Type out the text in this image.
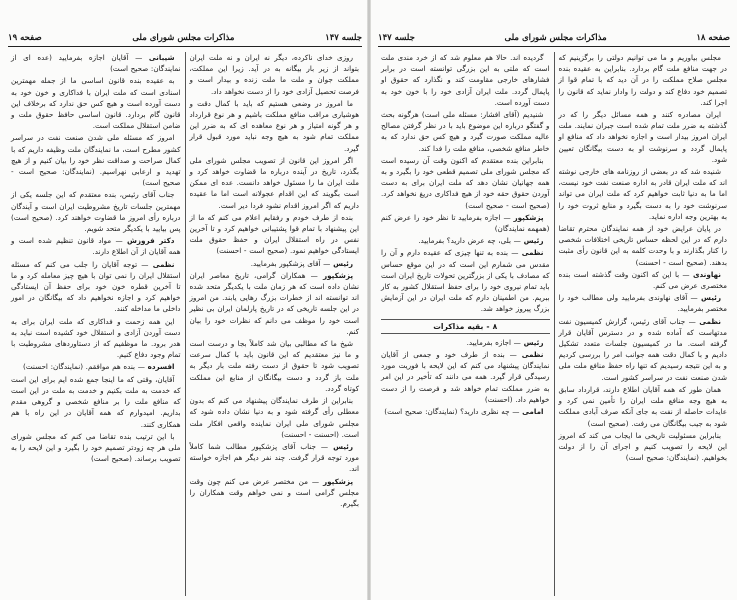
جلسه ۱۴۷
مذاکرات مجلس شورای ملی
صفحه ۱۹
روزی خدای ناکرده، دیگر نه ایران و نه ملت ایران بتواند از زیر بار بیگانه به در آید. زیرا این مملکت، مملکت جوان و ملت ما ملت زنده و بیدار است و فرصت تحصیل آزادی خود را از دست نخواهد داد.
ما امروز در وضعی هستیم که باید با کمال دقت و هوشیاری مراقب منافع مملکت باشیم و هر نوع قرارداد و هر گونه امتیاز و هر نوع معاهده ای که به ضرر این مملکت تمام شود به هیچ وجه نباید مورد قبول قرار گیرد.
اگر امروز این قانون از تصویب مجلس شورای ملی بگذرد، تاریخ در آینده درباره ما قضاوت خواهد کرد و ملت ایران ما را مسئول خواهد دانست. عده ای ممکن است بگویند که این اقدام عجولانه است اما ما عقیده داریم که اگر امروز اقدام نشود فردا دیر است.
بنده از طرف خودم و رفقایم اعلام می کنم که ما از این پیشنهاد با تمام قوا پشتیبانی خواهیم کرد و تا آخرین نفس در راه استقلال ایران و حفظ حقوق ملت ایستادگی خواهیم نمود. (صحیح است - احسنت)
رئیس — آقای پزشکپور بفرمایید.
پزشکپور — همکاران گرامی، تاریخ معاصر ایران نشان داده است که هر زمان ملت با یکدیگر متحد شده اند توانسته اند از خطرات بزرگ رهایی یابند. من امروز در این جلسه تاریخی که در تاریخ پارلمان ایران بی نظیر است خود را موظف می دانم که نظرات خود را بیان کنم.
شیخ ما که مطالبی بیان شد کاملاً بجا و درست است و ما نیز معتقدیم که این قانون باید با کمال سرعت تصویب شود تا حقوق از دست رفته ملت بار دیگر به ملت باز گردد و دست بیگانگان از منابع این مملکت کوتاه گردد.
بنابراین از طرف نمایندگان پیشنهاد می کنم که بدون معطلی رأی گرفته شود و به دنیا نشان داده شود که مجلس شورای ملی ایران نماینده واقعی افکار ملت است. (احسنت - احسنت)
رئیس — جناب آقای پزشکپور مطالب شما کاملاً مورد توجه قرار گرفت. چند نفر دیگر هم اجازه خواسته اند.
پزشکپور — من مختصر عرض می کنم چون وقت مجلس گرامی است و نمی خواهم وقت همکاران را بگیرم.
شیبانی — آقایان اجازه بفرمایید (عده ای از نمایندگان: صحیح است)
به عقیده بنده قانون اساسی ما از جمله مهمترین اسنادی است که ملت ایران با فداکاری و خون خود به دست آورده است و هیچ کس حق ندارد که برخلاف این قانون گام بردارد. قانون اساسی حافظ حقوق ملت و ضامن استقلال مملکت است.
امروز که مسئله ملی شدن صنعت نفت در سراسر کشور مطرح است، ما نمایندگان ملت وظیفه داریم که با کمال صراحت و صداقت نظر خود را بیان کنیم و از هیچ تهدید و ارعابی نهراسیم. (نمایندگان: صحیح است - صحیح است)
جناب آقای رئیس، بنده معتقدم که این جلسه یکی از مهمترین جلسات تاریخ مشروطیت ایران است و آیندگان درباره رأی امروز ما قضاوت خواهند کرد. (صحیح است) پس بیایید با یکدیگر متحد شویم.
دکتر فروزش — مواد قانون تنظیم شده است و همه آقایان از آن اطلاع دارند.
نظمی — توجه آقایان را جلب می کنم که مسئله استقلال ایران را نمی توان با هیچ چیز معامله کرد و ما تا آخرین قطره خون خود برای حفظ آن ایستادگی خواهیم کرد و اجازه نخواهیم داد که بیگانگان در امور داخلی ما مداخله کنند.
این همه زحمت و فداکاری که ملت ایران برای به دست آوردن آزادی و استقلال خود کشیده است نباید به هدر برود. ما موظفیم که از دستاوردهای مشروطیت با تمام وجود دفاع کنیم.
افسرده — بنده هم موافقم. (نمایندگان: احسنت)
آقایان، وقتی که ما اینجا جمع شده ایم برای این است که خدمت به ملت بکنیم و خدمت به ملت در این است که منافع ملت را بر منافع شخصی و گروهی مقدم بداریم. امیدوارم که همه آقایان در این راه با هم همکاری کنند.
با این ترتیب بنده تقاضا می کنم که مجلس شورای ملی هر چه زودتر تصمیم خود را بگیرد و این لایحه را به تصویب برساند. (صحیح است)
صفحه ۱۸
مذاکرات مجلس شورای ملی
جلسه ۱۴۷
مجلس بیاوریم و ما می توانیم دولتی را برگزینیم که در جهت منافع ملت گام بردارد. بنابراین به عقیده بنده مجلس صلاح مملکت را در آن دید که با تمام قوا از تصمیم خود دفاع کند و دولت را وادار نماید که قانون را اجرا کند.
ایران مصادره کنند و همه مسائل دیگر را که در گذشته به ضرر ملت تمام شده است جبران نمایند. ملت ایران امروز بیدار است و اجازه نخواهد داد که منافع او پایمال گردد و سرنوشت او به دست بیگانگان تعیین شود.
شنیده شد که در بعضی از روزنامه های خارجی نوشته اند که ملت ایران قادر به اداره صنعت نفت خود نیست، اما ما به دنیا ثابت خواهیم کرد که ملت ایران می تواند سرنوشت خود را به دست بگیرد و منابع ثروت خود را به بهترین وجه اداره نماید.
در پایان عرایض خود از همه نمایندگان محترم تقاضا دارم که در این لحظه حساس تاریخی اختلافات شخصی را کنار بگذارند و با وحدت کلمه به این قانون رأی مثبت بدهند. (صحیح است - احسنت)
نهاوندی — با این که اکنون وقت گذشته است بنده مختصری عرض می کنم.
رئیس — آقای نهاوندی بفرمایید ولی مطالب خود را مختصر بفرمایید.
نظمی — جناب آقای رئیس، گزارش کمیسیون نفت مدتهاست که آماده شده و در دسترس آقایان قرار گرفته است. ما در کمیسیون جلسات متعدد تشکیل دادیم و با کمال دقت همه جوانب امر را بررسی کردیم و به این نتیجه رسیدیم که تنها راه حفظ منافع ملت ملی شدن صنعت نفت در سراسر کشور است.
همان طور که همه آقایان اطلاع دارند، قرارداد سابق به هیچ وجه منافع ملت ایران را تأمین نمی کرد و عایدات حاصله از نفت به جای آنکه صرف آبادی مملکت شود به جیب بیگانگان می رفت. (صحیح است)
بنابراین مسئولیت تاریخی ما ایجاب می کند که امروز این لایحه را تصویب کنیم و اجرای آن را از دولت بخواهیم. (نمایندگان: صحیح است)
گردیده اند. حالا هم معلوم شد که از خرد مندی ملت است که ملتی به این بزرگی توانسته است در برابر فشارهای خارجی مقاومت کند و نگذارد که حقوق او پایمال گردد. ملت ایران آزادی خود را با خون خود به دست آورده است.
شنیدیم (آقای افشار: مسئله ملی است) هرگونه بحث و گفتگو درباره این موضوع باید با در نظر گرفتن مصالح عالیه مملکت صورت گیرد و هیچ کس حق ندارد که به خاطر منافع شخصی، منافع ملت را فدا کند.
بنابراین بنده معتقدم که اکنون وقت آن رسیده است که مجلس شورای ملی تصمیم قطعی خود را بگیرد و به همه جهانیان نشان دهد که ملت ایران برای به دست آوردن حقوق حقه خود از هیچ فداکاری دریغ نخواهد کرد. (صحیح است - صحیح است)
پزشکپور — اجازه بفرمایید تا نظر خود را عرض کنم (همهمه نمایندگان)
رئیس — بلی، چه عرض دارید؟ بفرمایید.
نظمی — بنده به تنها چیزی که عقیده دارم و آن را مقدس می شمارم این است که در این موقع حساس که مصادف با یکی از بزرگترین تحولات تاریخ ایران است باید تمام نیروی خود را برای حفظ استقلال کشور به کار ببریم. من اطمینان دارم که ملت ایران در این آزمایش بزرگ پیروز خواهد شد.
۸ - بقیه مذاکرات
رئیس — اجازه بفرمایید.
نظمی — بنده از طرف خود و جمعی از آقایان نمایندگان پیشنهاد می کنم که این لایحه با فوریت مورد رسیدگی قرار گیرد. همه می دانند که تأخیر در این امر به ضرر مملکت تمام خواهد شد و فرصت را از دست خواهیم داد. (احسنت)
امامی — چه نظری دارید؟ (نمایندگان: صحیح است)
